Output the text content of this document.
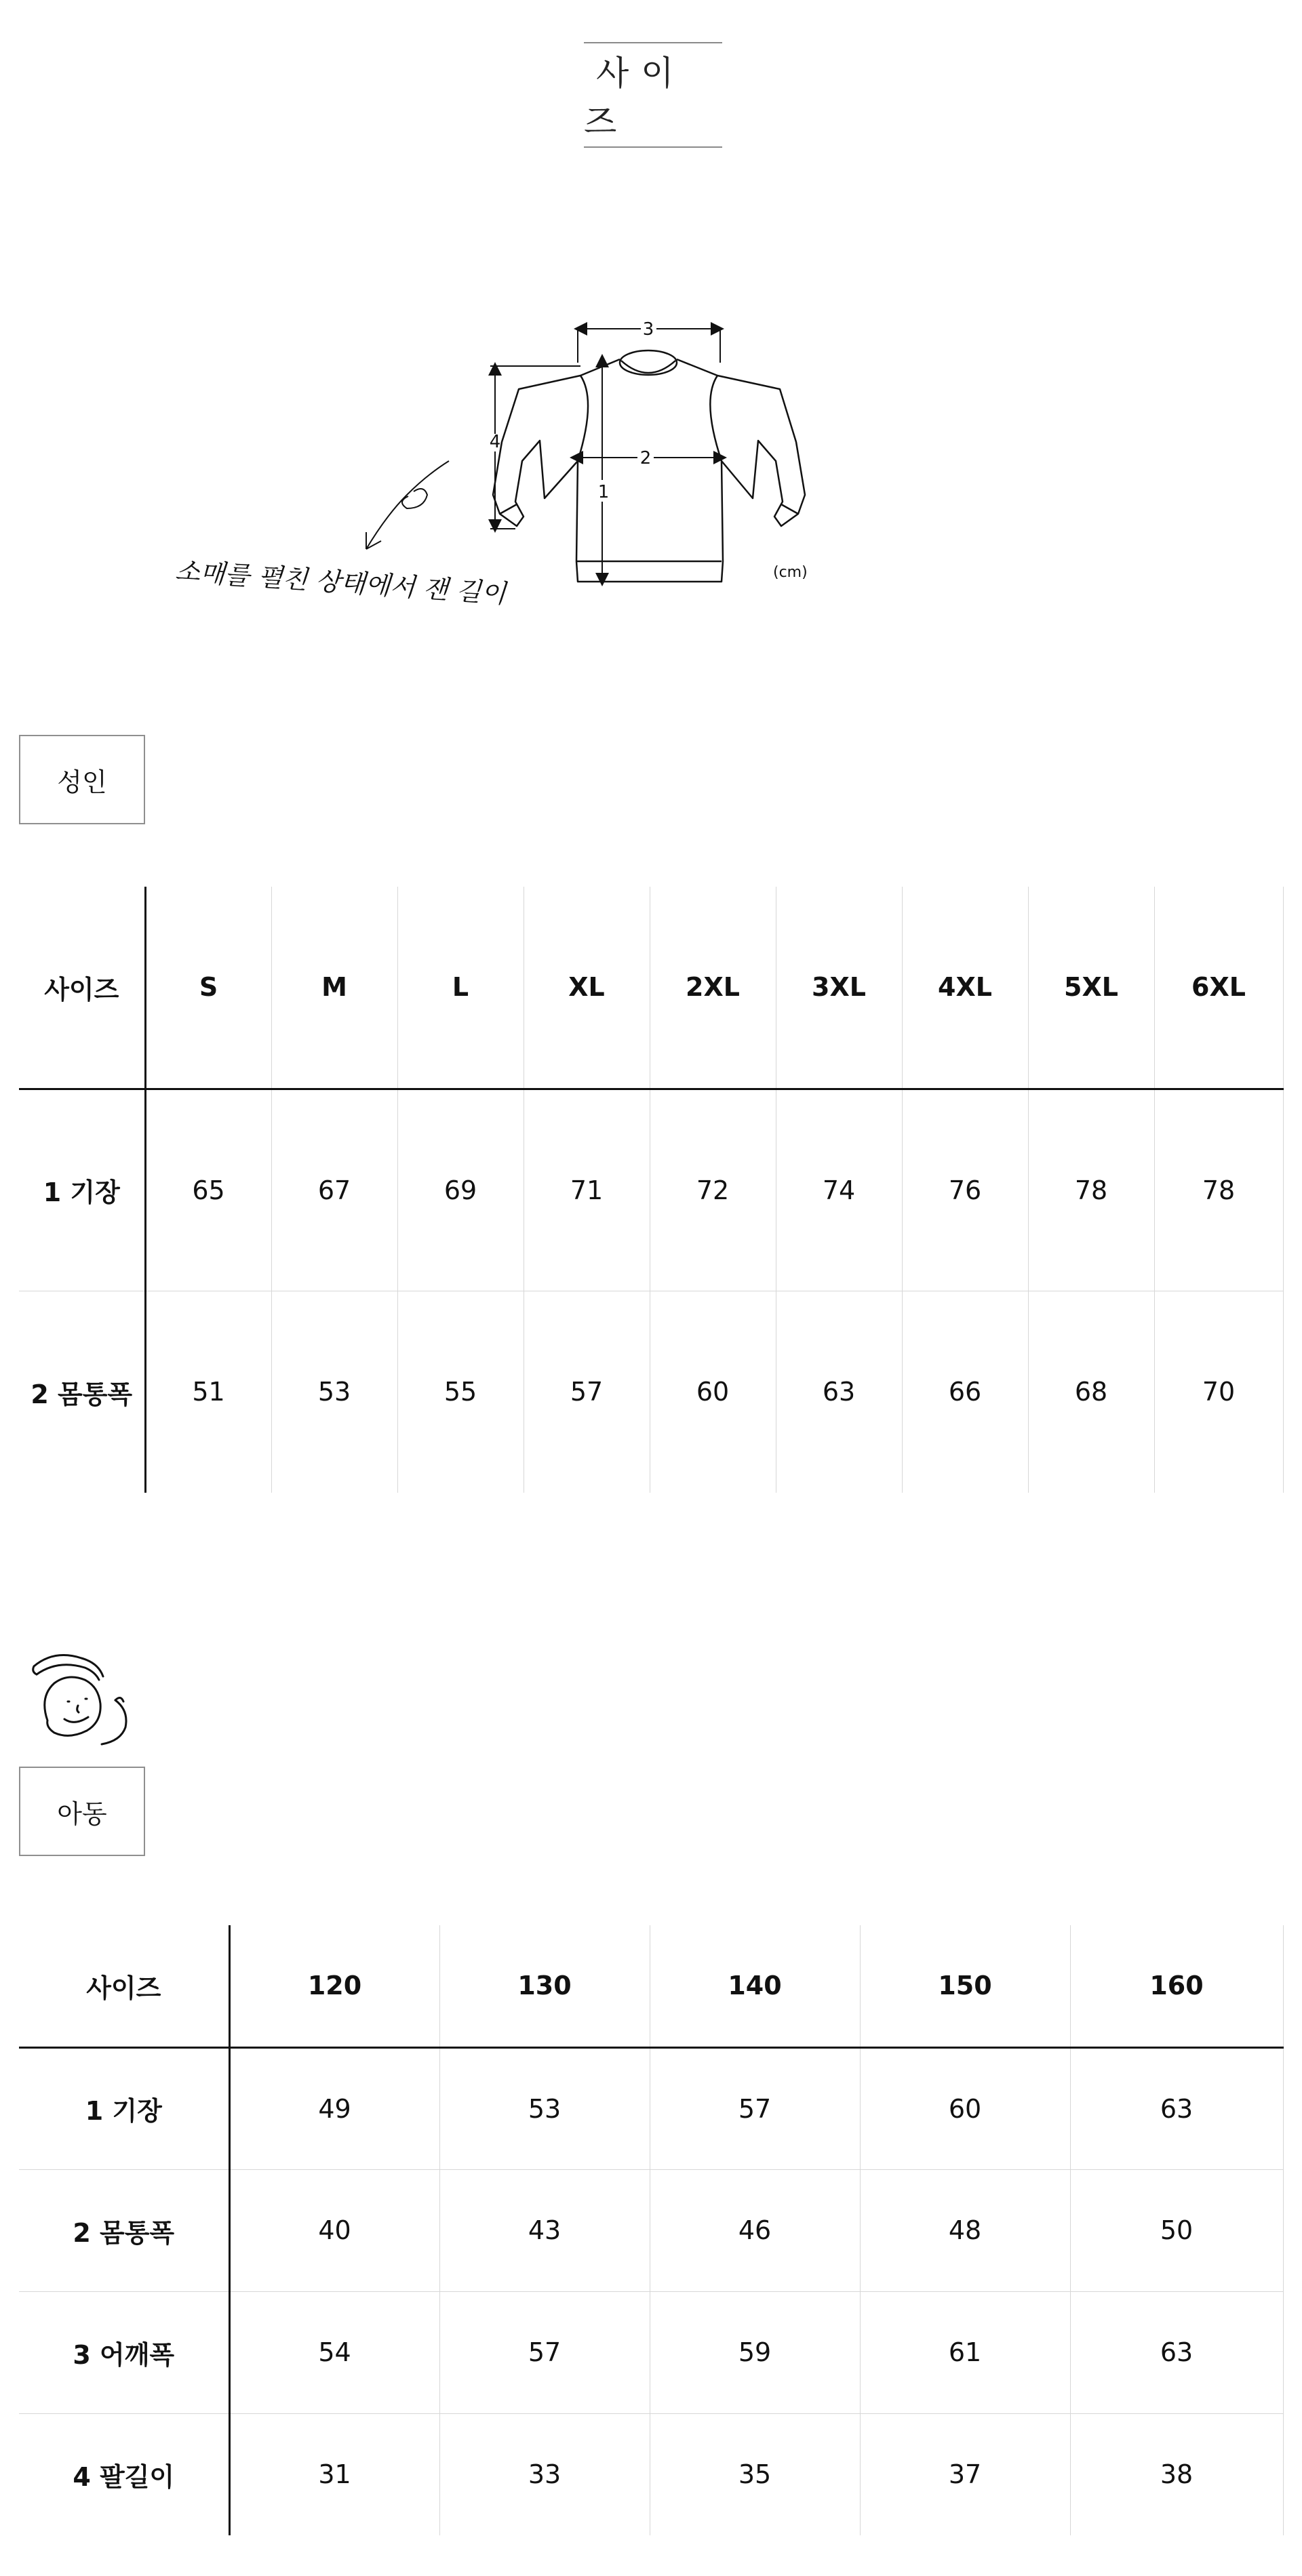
사이즈
3
2
1
4
(cm)
소매를 펼친 상태에서 잰 길이
성인
사이즈	S	M	L	XL	2XL	3XL	4XL	5XL	6XL
1 기장	65	67	69	71	72	74	76	78	78
2 몸통폭	51	53	55	57	60	63	66	68	70
아동
사이즈	120	130	140	150	160
1 기장	49	53	57	60	63
2 몸통폭	40	43	46	48	50
3 어깨폭	54	57	59	61	63
4 팔길이	31	33	35	37	38
